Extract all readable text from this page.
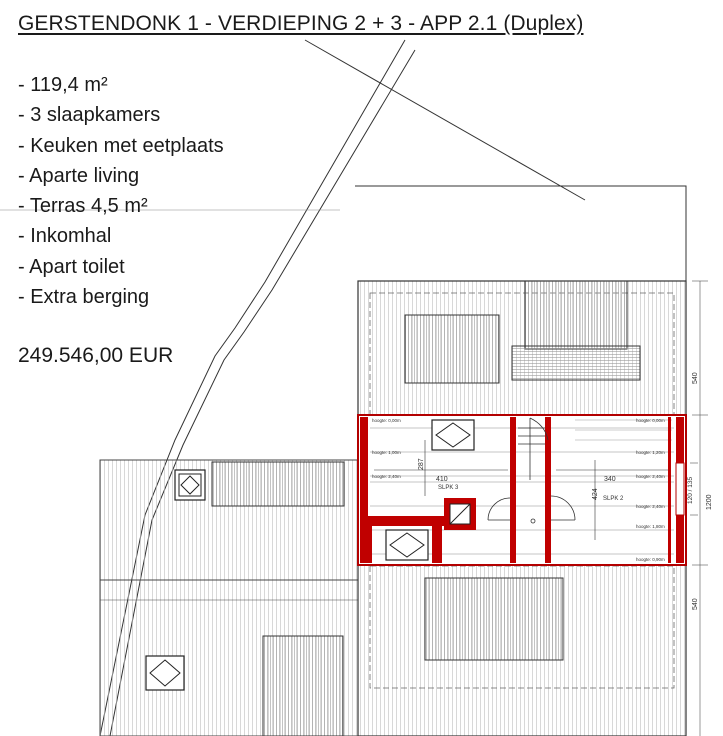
SLPK 3
SLPK 2
410	340
287
424
540
1200
120 / 135
540
hoogte: 0,00m
hoogte: 1,00m
hoogte: 2,40m
hoogte: 0,00m
hoogte: 1,20m
hoogte: 2,40m
hoogte: 2,40m
hoogte: 1,80m
hoogte: 0,90m
GERSTENDONK 1 - VERDIEPING 2 + 3 - APP 2.1 (Duplex)
- 119,4 m²
- 3 slaapkamers
- Keuken met eetplaats
- Aparte living
- Terras 4,5 m²
- Inkomhal
- Apart toilet
- Extra berging
249.546,00 EUR
